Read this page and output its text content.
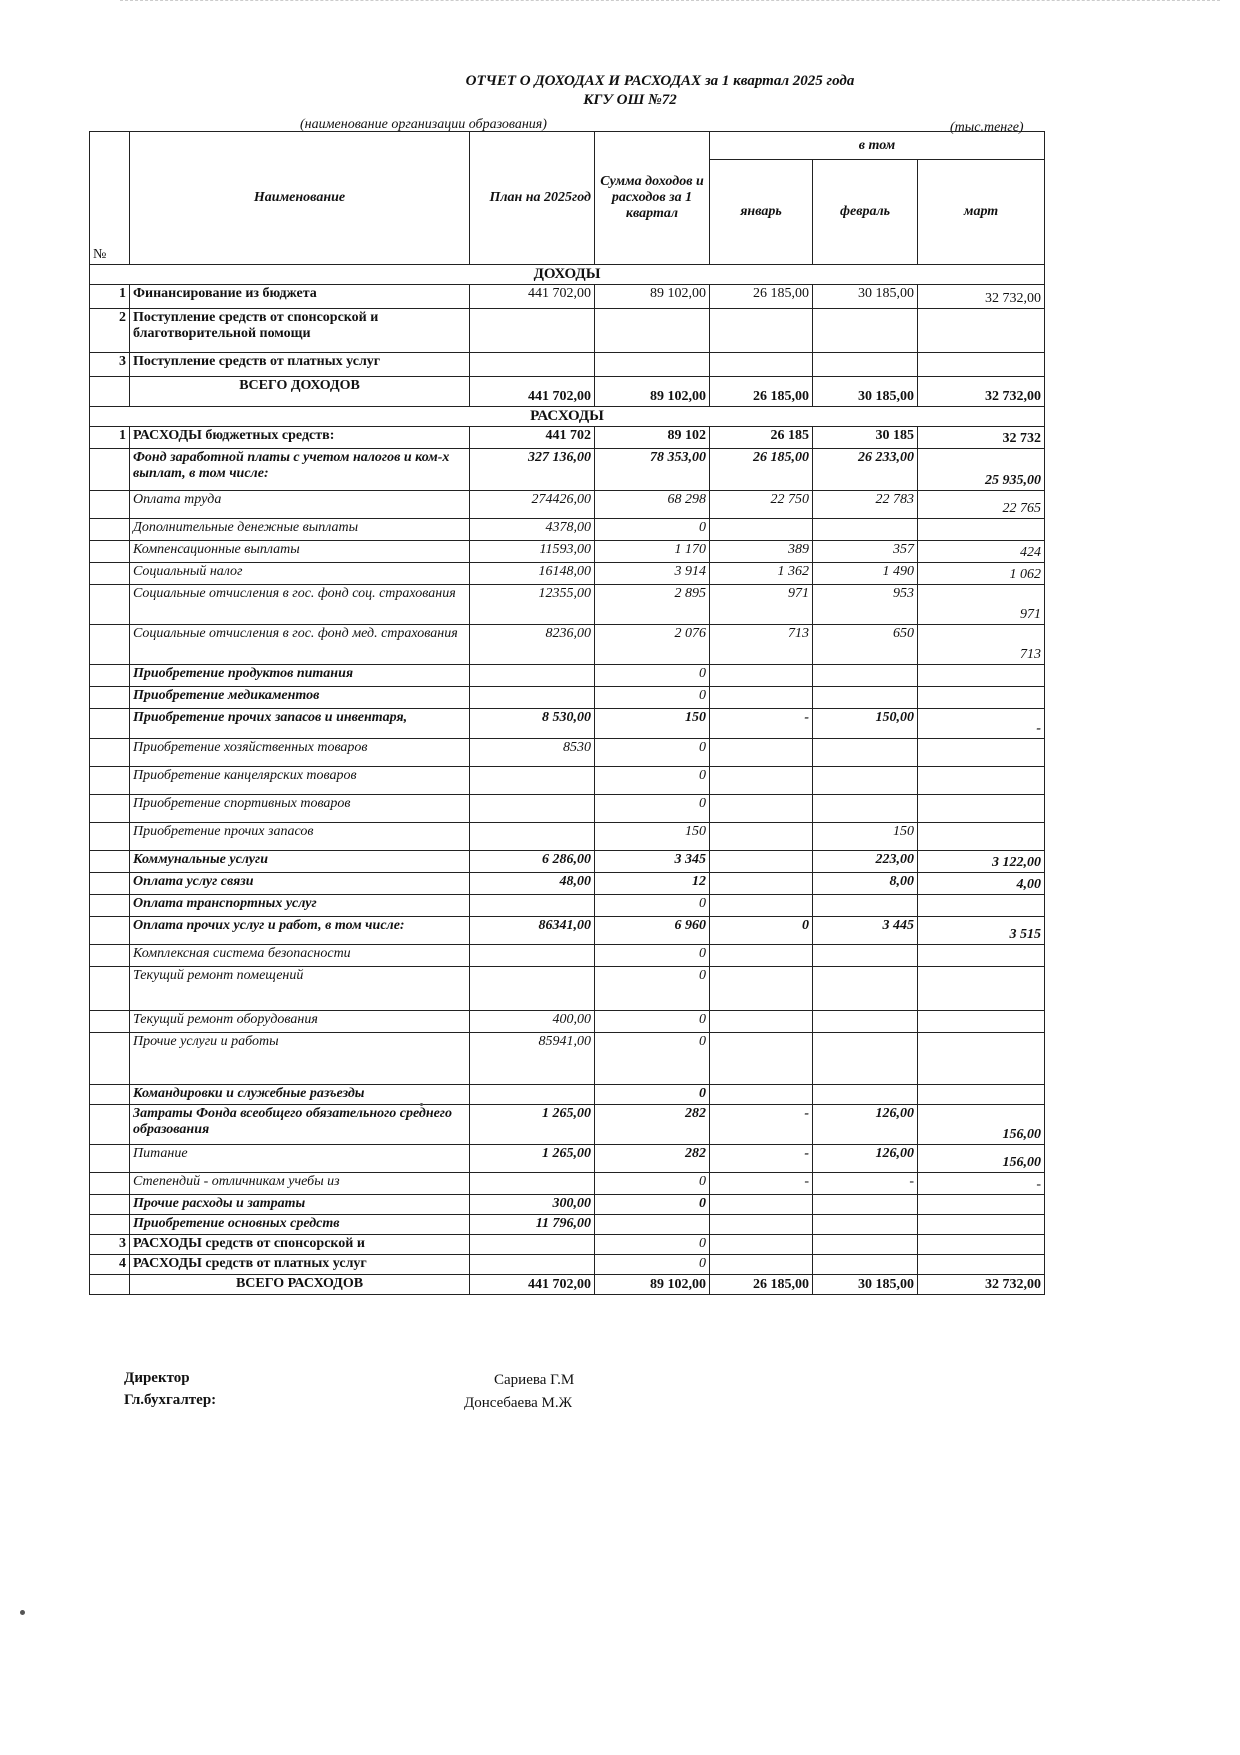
ОТЧЕТ О ДОХОДАХ И РАСХОДАХ за 1 квартал 2025 года
КГУ ОШ №72
(наименование организации образования)	(тыс.тенге)
№	Наименование	План на 2025год	Сумма доходов и расходов за 1 квартал	в том		
				январь	февраль	март
ДОХОДЫ						
1	Финансирование из бюджета	441 702,00	89 102,00	26 185,00	30 185,00	32 732,00
2	Поступление средств от спонсорской и благотворительной помощи					
3	Поступление средств от платных услуг					
	ВСЕГО ДОХОДОВ	441 702,00	89 102,00	26 185,00	30 185,00	32 732,00
РАСХОДЫ						
1	РАСХОДЫ бюджетных средств:	441 702	89 102	26 185	30 185	32 732
	Фонд заработной платы с учетом налогов и ком-х выплат, в том числе:	327 136,00	78 353,00	26 185,00	26 233,00	25 935,00
	Оплата труда	274426,00	68 298	22 750	22 783	22 765
	Дополнительные денежные выплаты	4378,00	0			
	Компенсационные выплаты	11593,00	1 170	389	357	424
	Социальный налог	16148,00	3 914	1 362	1 490	1 062
	Социальные отчисления в гос. фонд соц. страхования	12355,00	2 895	971	953	971
	Социальные отчисления в гос. фонд мед. страхования	8236,00	2 076	713	650	713
	Приобретение продуктов питания		0			
	Приобретение медикаментов		0			
	Приобретение прочих запасов и инвентаря,	8 530,00	150	-	150,00	-
	Приобретение хозяйственных товаров	8530	0			
	Приобретение канцелярских товаров		0			
	Приобретение спортивных товаров		0			
	Приобретение прочих запасов		150		150	
	Коммунальные услуги	6 286,00	3 345		223,00	3 122,00
	Оплата услуг связи	48,00	12		8,00	4,00
	Оплата транспортных услуг		0			
	Оплата прочих услуг и работ, в том числе:	86341,00	6 960	0	3 445	3 515
	Комплексная система безопасности		0			
	Текущий ремонт помещений		0			
	Текущий ремонт оборудования	400,00	0			
	Прочие услуги и работы	85941,00	0			
	Командировки и служебные разъезды		0			
	Затраты Фонда всеобщего обязательного среднего образования	1 265,00	282	-	126,00	156,00
	Питание	1 265,00	282	-	126,00	156,00
	Степендий - отличникам учебы из		0	-	-	-
	Прочие расходы и затраты	300,00	0			
	Приобретение основных средств	11 796,00				
3	РАСХОДЫ средств от спонсорской и		0			
4	РАСХОДЫ средств от платных услуг		0			
	ВСЕГО РАСХОДОВ	441 702,00	89 102,00	26 185,00	30 185,00	32 732,00
Директор	Сариева Г.М
Гл.бухгалтер:	Донсебаева М.Ж
